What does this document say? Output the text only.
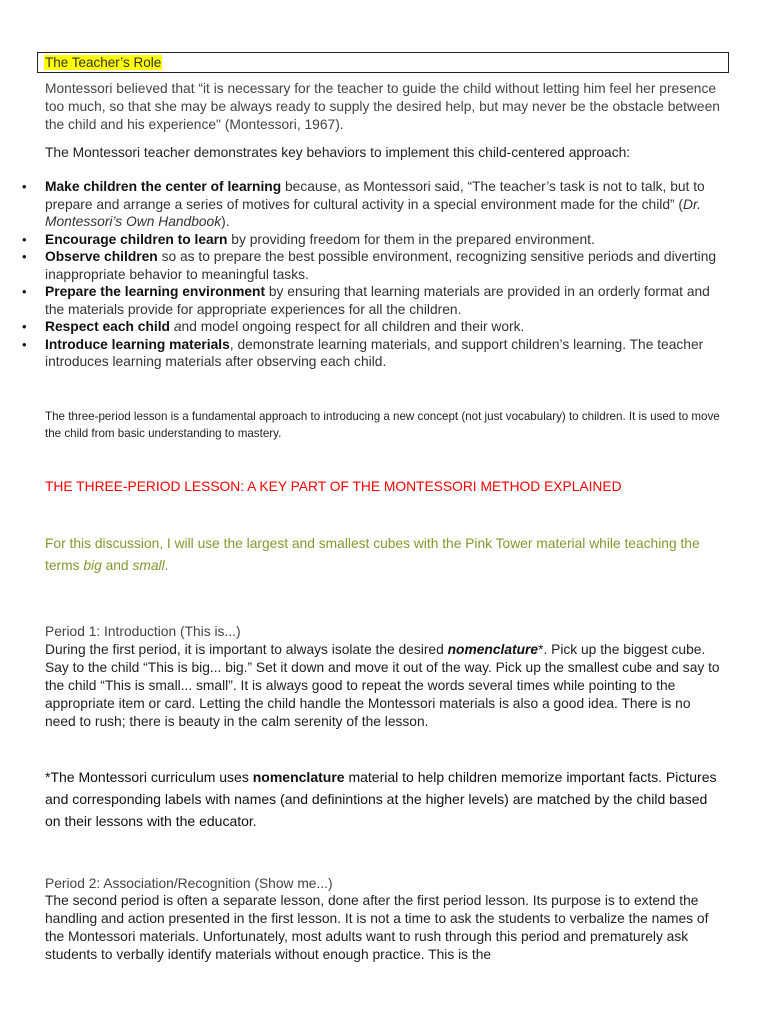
The Teacher’s Role
Montessori believed that “it is necessary for the teacher to guide the child without letting him feel her presence too much, so that she may be always ready to supply the desired help, but may never be the obstacle between the child and his experience" (Montessori, 1967).
The Montessori teacher demonstrates key behaviors to implement this child-centered approach:
• Make children the center of learning because, as Montessori said, “The teacher’s task is not to talk, but to prepare and arrange a series of motives for cultural activity in a special environment made for the child” (Dr. Montessori’s Own Handbook).
• Encourage children to learn by providing freedom for them in the prepared environment.
• Observe children so as to prepare the best possible environment, recognizing sensitive periods and diverting inappropriate behavior to meaningful tasks.
• Prepare the learning environment by ensuring that learning materials are provided in an orderly format and the materials provide for appropriate experiences for all the children.
• Respect each child and model ongoing respect for all children and their work.
• Introduce learning materials, demonstrate learning materials, and support children’s learning. The teacher introduces learning materials after observing each child.
The three-period lesson is a fundamental approach to introducing a new concept (not just vocabulary) to children. It is used to move the child from basic understanding to mastery.
THE THREE-PERIOD LESSON: A KEY PART OF THE MONTESSORI METHOD EXPLAINED
For this discussion, I will use the largest and smallest cubes with the Pink Tower material while teaching the terms big and small.
Period 1: Introduction (This is...)
During the first period, it is important to always isolate the desired nomenclature*. Pick up the biggest cube. Say to the child “This is big... big.” Set it down and move it out of the way. Pick up the smallest cube and say to the child “This is small... small”. It is always good to repeat the words several times while pointing to the appropriate item or card. Letting the child handle the Montessori materials is also a good idea. There is no need to rush; there is beauty in the calm serenity of the lesson.
*The Montessori curriculum uses nomenclature material to help children memorize important facts. Pictures and corresponding labels with names (and definintions at the higher levels) are matched by the child based on their lessons with the educator.
Period 2: Association/Recognition (Show me...)
The second period is often a separate lesson, done after the first period lesson. Its purpose is to extend the handling and action presented in the first lesson. It is not a time to ask the students to verbalize the names of the Montessori materials. Unfortunately, most adults want to rush through this period and prematurely ask students to verbally identify materials without enough practice. This is the
